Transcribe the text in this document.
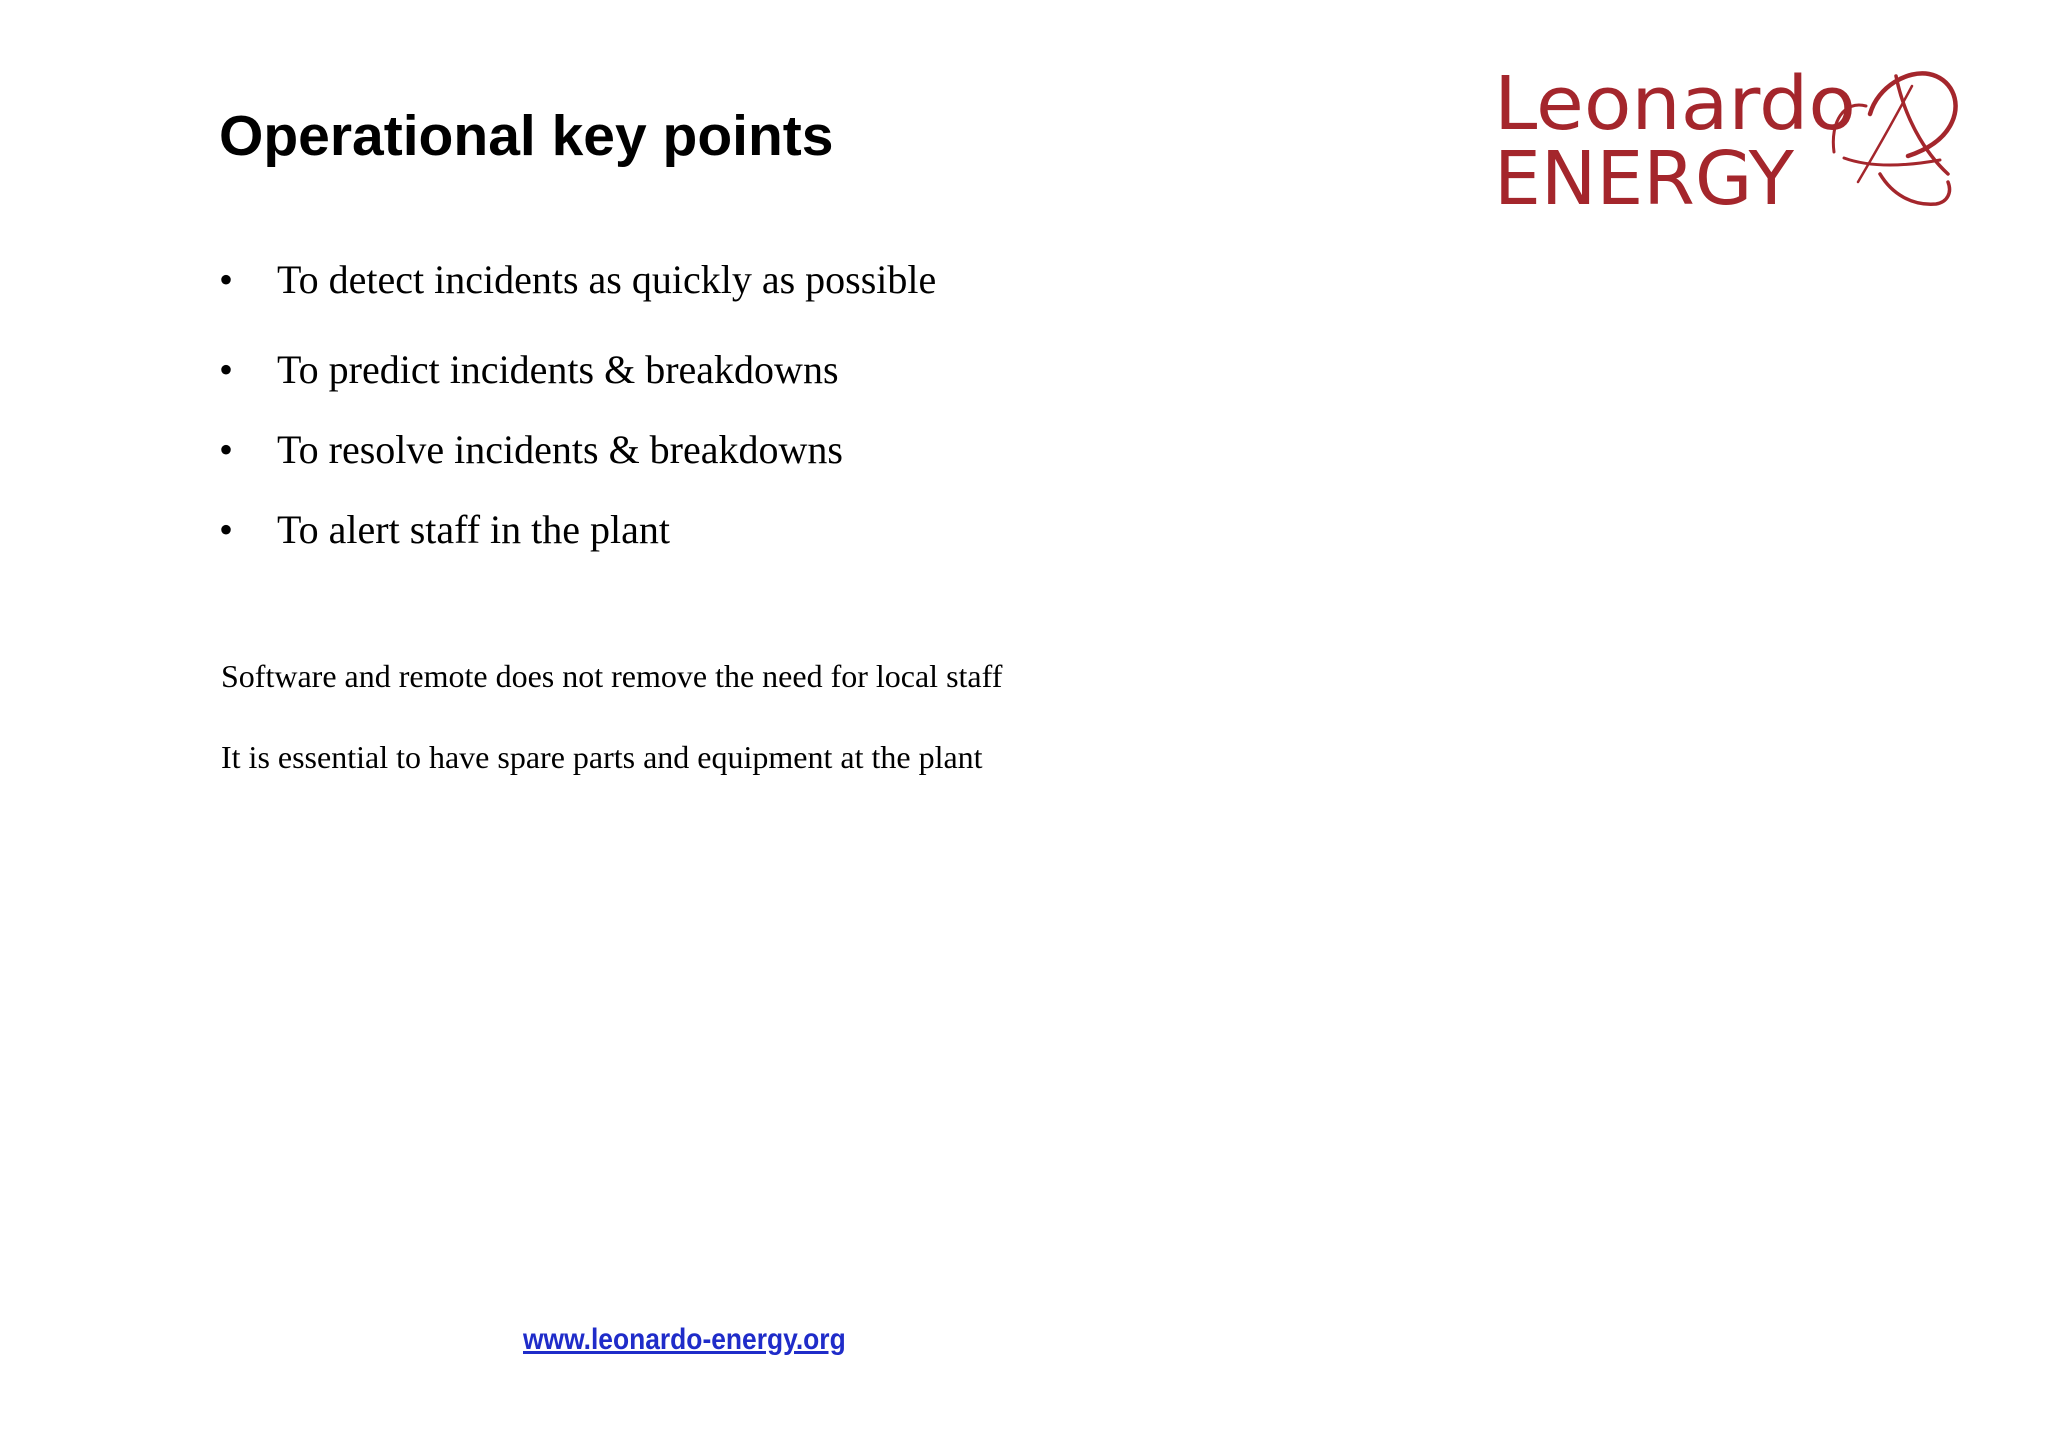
Operational key points	Leonardo
ENERGY
• To detect incidents as quickly as possible
• To predict incidents & breakdowns
• To resolve incidents & breakdowns
• To alert staff in the plant
Software and remote does not remove the need for local staff
It is essential to have spare parts and equipment at the plant
www.leonardo-energy.org
